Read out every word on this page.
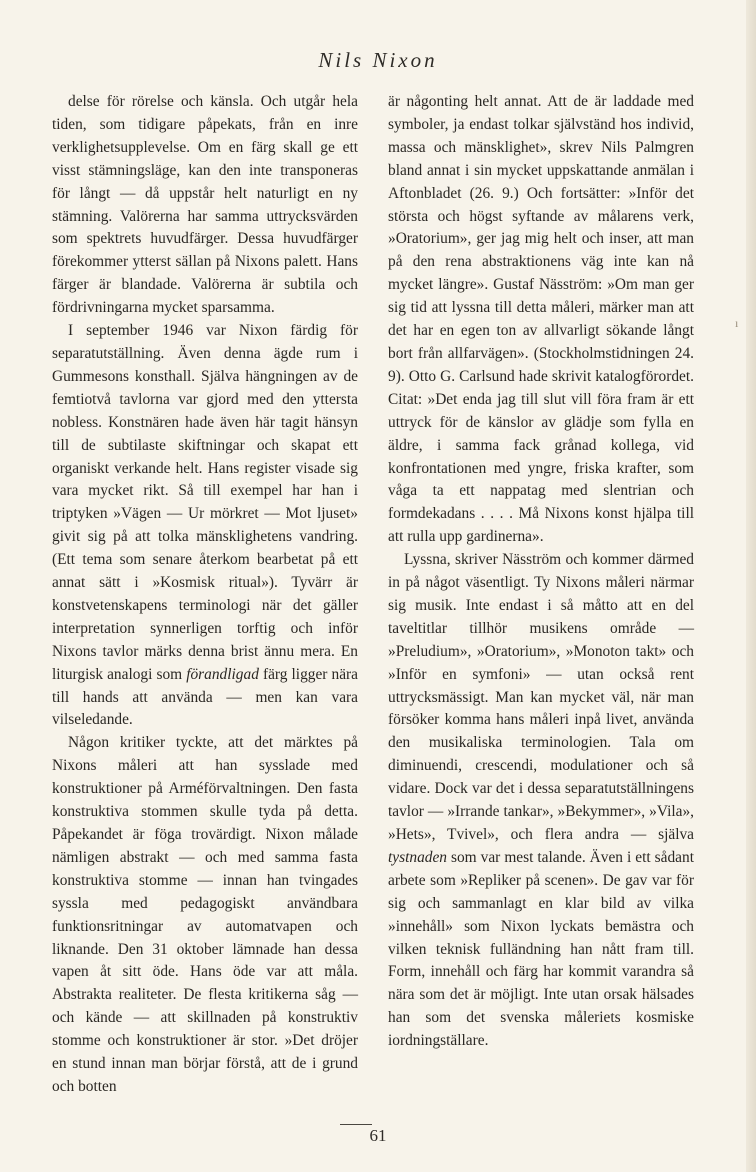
Nils Nixon

delse för rörelse och känsla. Och utgår hela tiden, som tidigare påpekats, från en inre verklighetsupplevelse. Om en färg skall ge ett visst stämningsläge, kan den inte transponeras för långt — då uppstår helt naturligt en ny stämning. Valörerna har samma uttrycksvärden som spektrets huvudfärger. Dessa huvudfärger förekommer ytterst sällan på Nixons palett. Hans färger är blandade. Valörerna är subtila och fördrivningarna mycket sparsamma.

I september 1946 var Nixon färdig för separatutställning. Även denna ägde rum i Gummesons konsthall. Själva hängningen av de femtiotvå tavlorna var gjord med den yttersta nobless. Konstnären hade även här tagit hänsyn till de subtilaste skiftningar och skapat ett organiskt verkande helt. Hans register visade sig vara mycket rikt. Så till exempel har han i triptyken »Vägen — Ur mörkret — Mot ljuset» givit sig på att tolka mänsklighetens vandring. (Ett tema som senare återkom bearbetat på ett annat sätt i »Kosmisk ritual»). Tyvärr är konstvetenskapens terminologi när det gäller interpretation synnerligen torftig och inför Nixons tavlor märks denna brist ännu mera. En liturgisk analogi som förandligad färg ligger nära till hands att använda — men kan vara vilseledande.

Någon kritiker tyckte, att det märktes på Nixons måleri att han sysslade med konstruktioner på Arméförvaltningen. Den fasta konstruktiva stommen skulle tyda på detta. Påpekandet är föga trovärdigt. Nixon målade nämligen abstrakt — och med samma fasta konstruktiva stomme — innan han tvingades syssla med pedagogiskt användbara funktionsritningar av automatvapen och liknande. Den 31 oktober lämnade han dessa vapen åt sitt öde. Hans öde var att måla. Abstrakta realiteter. De flesta kritikerna såg — och kände — att skillnaden på konstruktiv stomme och konstruktioner är stor. »Det dröjer en stund innan man börjar förstå, att de i grund och botten

är någonting helt annat. Att de är laddade med symboler, ja endast tolkar självständ hos individ, massa och mänsklighet», skrev Nils Palmgren bland annat i sin mycket uppskattande anmälan i Aftonbladet (26. 9.) Och fortsätter: »Inför det största och högst syftande av målarens verk, »Oratorium», ger jag mig helt och inser, att man på den rena abstraktionens väg inte kan nå mycket längre». Gustaf Näsström: »Om man ger sig tid att lyssna till detta måleri, märker man att det har en egen ton av allvarligt sökande långt bort från allfarvägen». (Stockholmstidningen 24. 9). Otto G. Carlsund hade skrivit katalogförordet. Citat: »Det enda jag till slut vill föra fram är ett uttryck för de känslor av glädje som fylla en äldre, i samma fack grånad kollega, vid konfrontationen med yngre, friska krafter, som våga ta ett nappatag med slentrian och formdekadans . . . . Må Nixons konst hjälpa till att rulla upp gardinerna».

Lyssna, skriver Näsström och kommer därmed in på något väsentligt. Ty Nixons måleri närmar sig musik. Inte endast i så måtto att en del taveltitlar tillhör musikens område — »Preludium», »Oratorium», »Monoton takt» och »Inför en symfoni» — utan också rent uttrycksmässigt. Man kan mycket väl, när man försöker komma hans måleri inpå livet, använda den musikaliska terminologien. Tala om diminuendi, crescendi, modulationer och så vidare. Dock var det i dessa separatutställningens tavlor — »Irrande tankar», »Bekymmer», »Vila», »Hets», Tvivel», och flera andra — själva tystnaden som var mest talande. Även i ett sådant arbete som »Repliker på scenen». De gav var för sig och sammanlagt en klar bild av vilka »innehåll» som Nixon lyckats bemästra och vilken teknisk fulländning han nått fram till. Form, innehåll och färg har kommit varandra så nära som det är möjligt. Inte utan orsak hälsades han som det svenska måleriets kosmiske iordningställare.

ı
61
